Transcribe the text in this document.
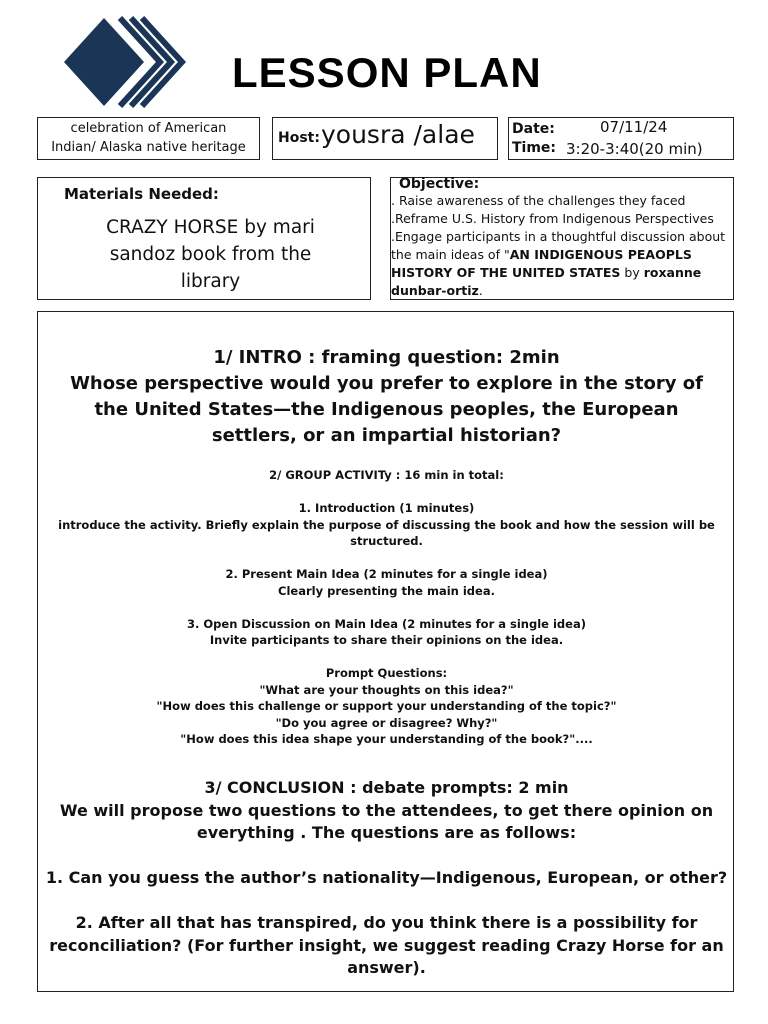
LESSON PLAN
celebration of American
Indian/ Alaska native heritage
Host: yousra /alae	Date:	07/11/24
Time: 3:20-3:40(20 min)
Materials Needed:
CRAZY HORSE by mari
sandoz book from the
library
Objective:
. Raise awareness of the challenges they faced
.Reframe U.S. History from Indigenous Perspectives
.Engage participants in a thoughtful discussion about
the main ideas of "AN INDIGENOUS PEAOPLS
HISTORY OF THE UNITED STATES by roxanne
dunbar-ortiz.
1/ INTRO : framing question: 2min
Whose perspective would you prefer to explore in the story of
the United States—the Indigenous peoples, the European
settlers, or an impartial historian?
2/ GROUP ACTIVITy : 16 min in total:

1. Introduction (1 minutes)
introduce the activity. Briefly explain the purpose of discussing the book and how the session will be
structured.

2. Present Main Idea (2 minutes for a single idea)
Clearly presenting the main idea.

3. Open Discussion on Main Idea (2 minutes for a single idea)
Invite participants to share their opinions on the idea.

Prompt Questions:
"What are your thoughts on this idea?"
"How does this challenge or support your understanding of the topic?"
"Do you agree or disagree? Why?"
"How does this idea shape your understanding of the book?"....
3/ CONCLUSION : debate prompts: 2 min
We will propose two questions to the attendees, to get there opinion on
everything . The questions are as follows:

1. Can you guess the author’s nationality—Indigenous, European, or other?

2. After all that has transpired, do you think there is a possibility for
reconciliation? (For further insight, we suggest reading Crazy Horse for an
answer).
